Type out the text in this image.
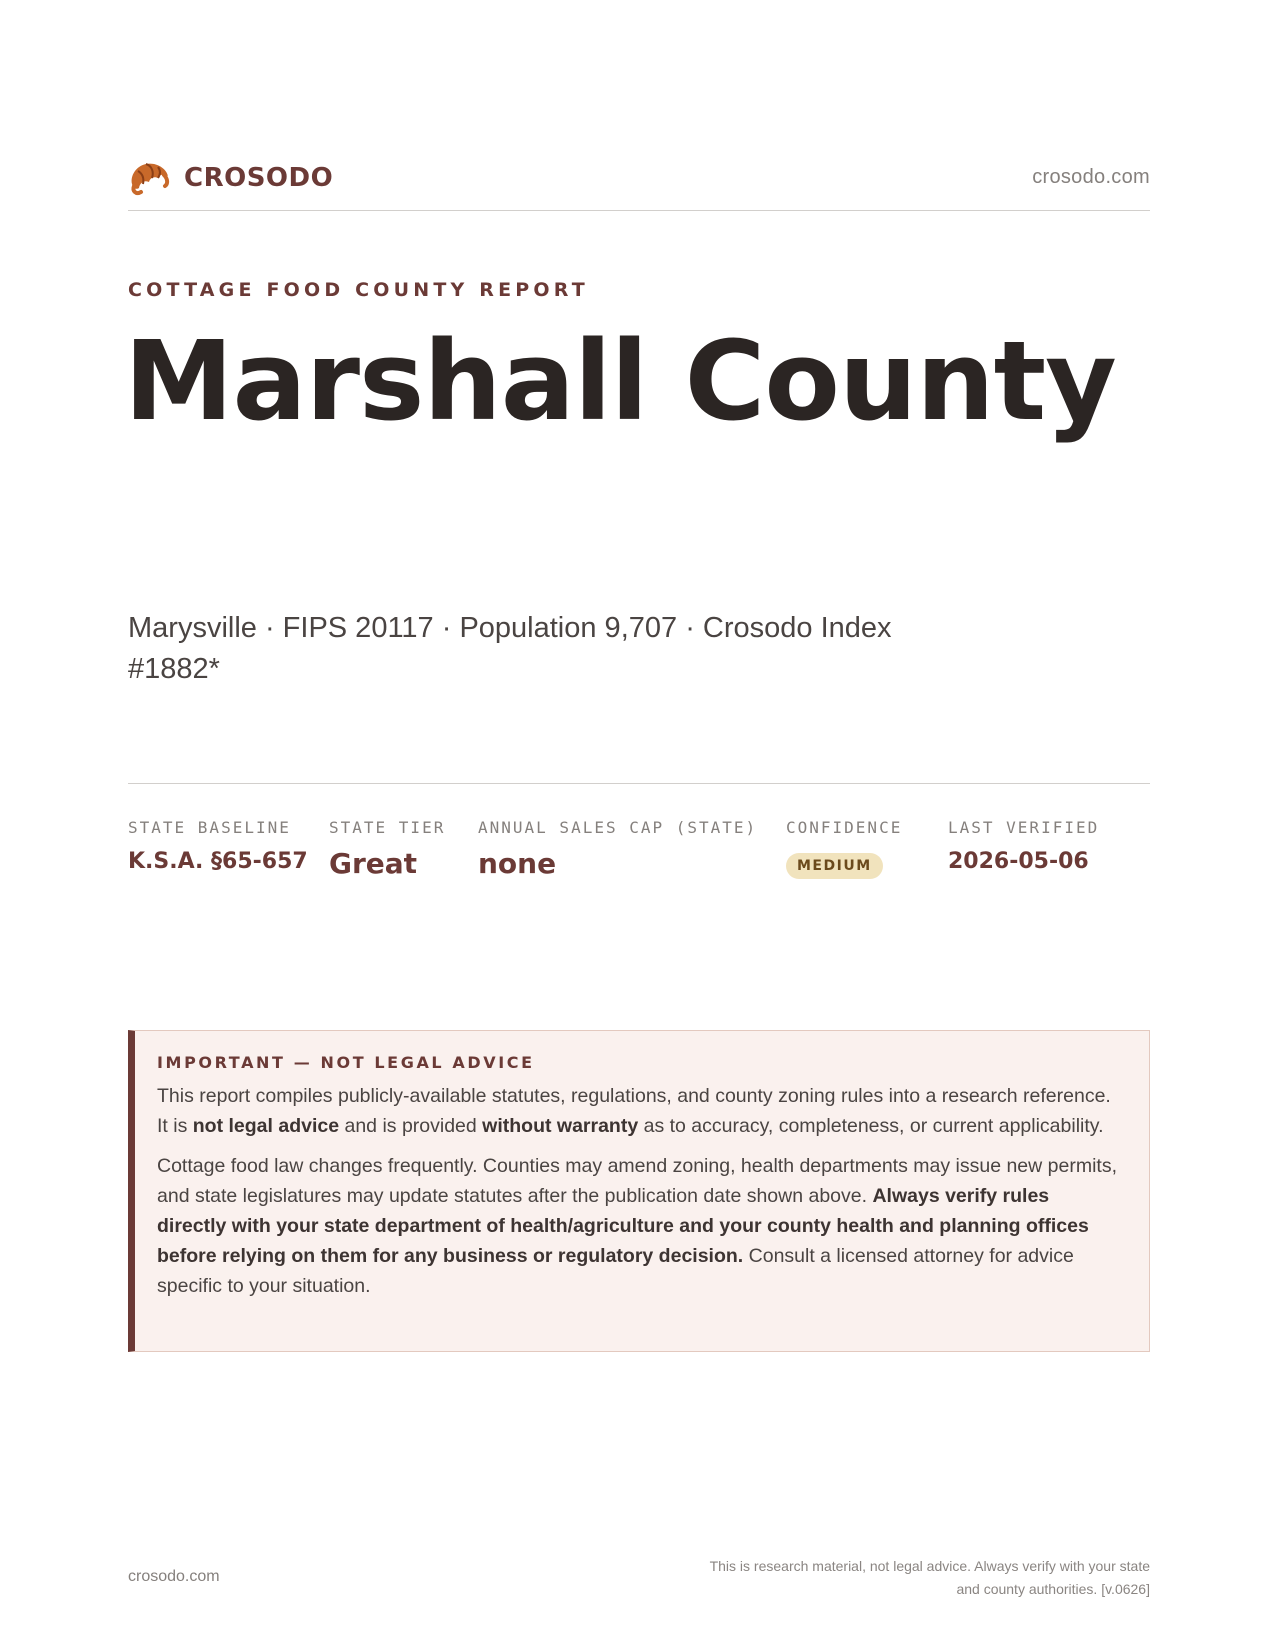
CROSODO	crosodo.com
COTTAGE FOOD COUNTY REPORT
Marshall County
Marysville · FIPS 20117 · Population 9,707 · Crosodo Index #1882*
STATE BASELINE
K.S.A. §65-657
STATE TIER
Great
ANNUAL SALES CAP (STATE)
none
CONFIDENCE
MEDIUM
LAST VERIFIED
2026-05-06
IMPORTANT — NOT LEGAL ADVICE

This report compiles publicly-available statutes, regulations, and county zoning rules into a research reference. It is not legal advice and is provided without warranty as to accuracy, completeness, or current applicability.

Cottage food law changes frequently. Counties may amend zoning, health departments may issue new permits, and state legislatures may update statutes after the publication date shown above. Always verify rules directly with your state department of health/agriculture and your county health and planning offices before relying on them for any business or regulatory decision. Consult a licensed attorney for advice specific to your situation.

crosodo.com
This is research material, not legal advice. Always verify with your state
and county authorities. [v.0626]
